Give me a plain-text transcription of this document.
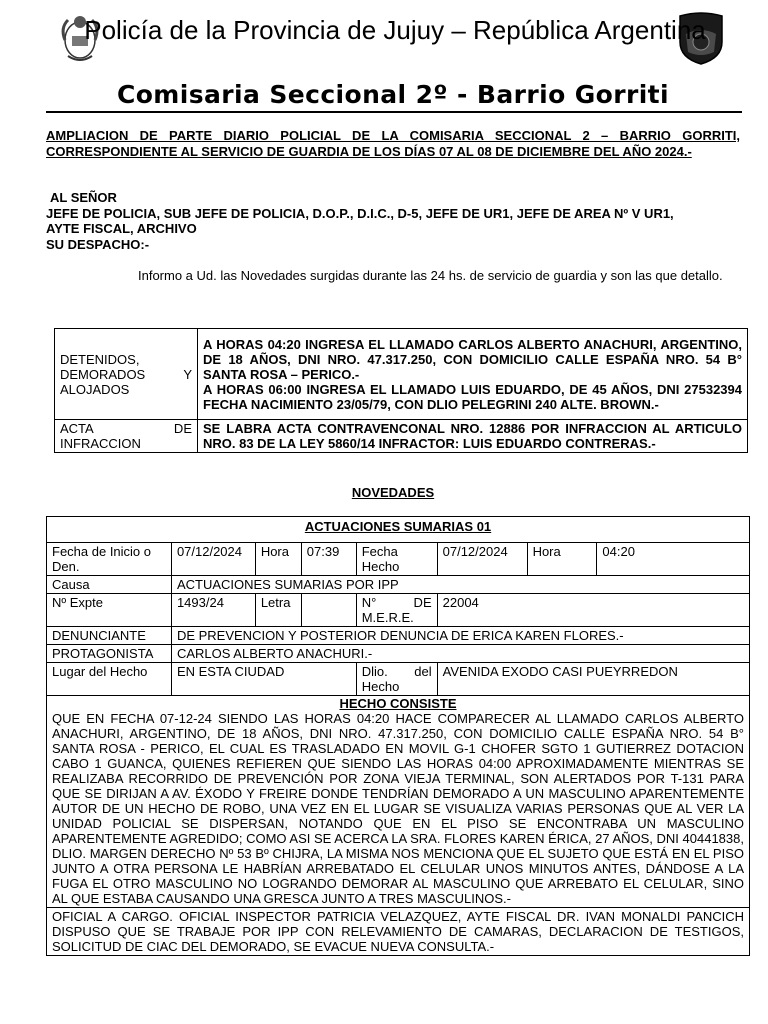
Policía de la Provincia de Jujuy – República Argentina
Comisaria Seccional 2º - Barrio Gorriti
AMPLIACION DE PARTE DIARIO POLICIAL DE LA COMISARIA SECCIONAL 2 – BARRIO GORRITI, CORRESPONDIENTE AL SERVICIO DE GUARDIA DE LOS DÍAS 07 AL 08 DE DICIEMBRE DEL AÑO 2024.-
AL SEÑOR
JEFE DE POLICIA, SUB JEFE DE POLICIA, D.O.P., D.I.C., D-5, JEFE DE UR1, JEFE DE AREA Nº V UR1,
AYTE FISCAL, ARCHIVO
SU DESPACHO:-
Informo a Ud. las Novedades surgidas durante las 24 hs. de servicio de guardia y son las que detallo.
DETENIDOS, DEMORADOS Y ALOJADOS	A HORAS 04:20 INGRESA EL LLAMADO CARLOS ALBERTO ANACHURI, ARGENTINO, DE 18 AÑOS, DNI NRO. 47.317.250, CON DOMICILIO CALLE ESPAÑA NRO. 54 B° SANTA ROSA – PERICO.-
A HORAS 06:00 INGRESA EL LLAMADO LUIS EDUARDO, DE 45 AÑOS, DNI 27532394 FECHA NACIMIENTO 23/05/79, CON DLIO PELEGRINI 240 ALTE. BROWN.-

ACTA DE INFRACCION	SE LABRA ACTA CONTRAVENCONAL NRO. 12886 POR INFRACCION AL ARTICULO NRO. 83 DE LA LEY 5860/14 INFRACTOR: LUIS EDUARDO CONTRERAS.-
NOVEDADES
ACTUACIONES SUMARIAS 01							
Fecha de Inicio o Den.	07/12/2024	Hora	07:39	Fecha Hecho	07/12/2024	Hora	04:20
Causa	ACTUACIONES SUMARIAS POR IPP						
Nº Expte	1493/24	Letra		N° DE M.E.R.E.	22004		
DENUNCIANTE	DE PREVENCION Y POSTERIOR DENUNCIA DE ERICA KAREN FLORES.-						
PROTAGONISTA	CARLOS ALBERTO ANACHURI.-						
Lugar del Hecho	EN ESTA CIUDAD			Dlio. del Hecho	AVENIDA EXODO CASI PUEYRREDON		

HECHO CONSISTE
QUE EN FECHA 07-12-24 SIENDO LAS HORAS 04:20 HACE COMPARECER AL LLAMADO CARLOS ALBERTO ANACHURI, ARGENTINO, DE 18 AÑOS, DNI NRO. 47.317.250, CON DOMICILIO CALLE ESPAÑA NRO. 54 B° SANTA ROSA - PERICO, EL CUAL ES TRASLADADO EN MOVIL G-1 CHOFER SGTO 1 GUTIERREZ DOTACION CABO 1 GUANCA, QUIENES REFIEREN QUE SIENDO LAS HORAS 04:00 APROXIMADAMENTE MIENTRAS SE REALIZABA RECORRIDO DE PREVENCIÓN POR ZONA VIEJA TERMINAL, SON ALERTADOS POR T-131 PARA QUE SE DIRIJAN A AV. ÉXODO Y FREIRE DONDE TENDRÍAN DEMORADO A UN MASCULINO APARENTEMENTE AUTOR DE UN HECHO DE ROBO, UNA VEZ EN EL LUGAR SE VISUALIZA VARIAS PERSONAS QUE AL VER LA UNIDAD POLICIAL SE DISPERSAN, NOTANDO QUE EN EL PISO SE ENCONTRABA UN MASCULINO APARENTEMENTE AGREDIDO; COMO ASI SE ACERCA LA SRA. FLORES KAREN ÉRICA, 27 AÑOS, DNI 40441838, DLIO. MARGEN DERECHO Nº 53 Bº CHIJRA, LA MISMA NOS MENCIONA QUE EL SUJETO QUE ESTÁ EN EL PISO JUNTO A OTRA PERSONA LE HABRÍAN ARREBATADO EL CELULAR UNOS MINUTOS ANTES, DÁNDOSE A LA FUGA EL OTRO MASCULINO NO LOGRANDO DEMORAR AL MASCULINO QUE ARREBATO EL CELULAR, SINO AL QUE ESTABA CAUSANDO UNA GRESCA JUNTO A TRES MASCULINOS.-							

OFICIAL A CARGO. OFICIAL INSPECTOR PATRICIA VELAZQUEZ, AYTE FISCAL DR. IVAN MONALDI PANCICH DISPUSO QUE SE TRABAJE POR IPP CON RELEVAMIENTO DE CAMARAS, DECLARACION DE TESTIGOS, SOLICITUD DE CIAC DEL DEMORADO, SE EVACUE NUEVA CONSULTA.-							
